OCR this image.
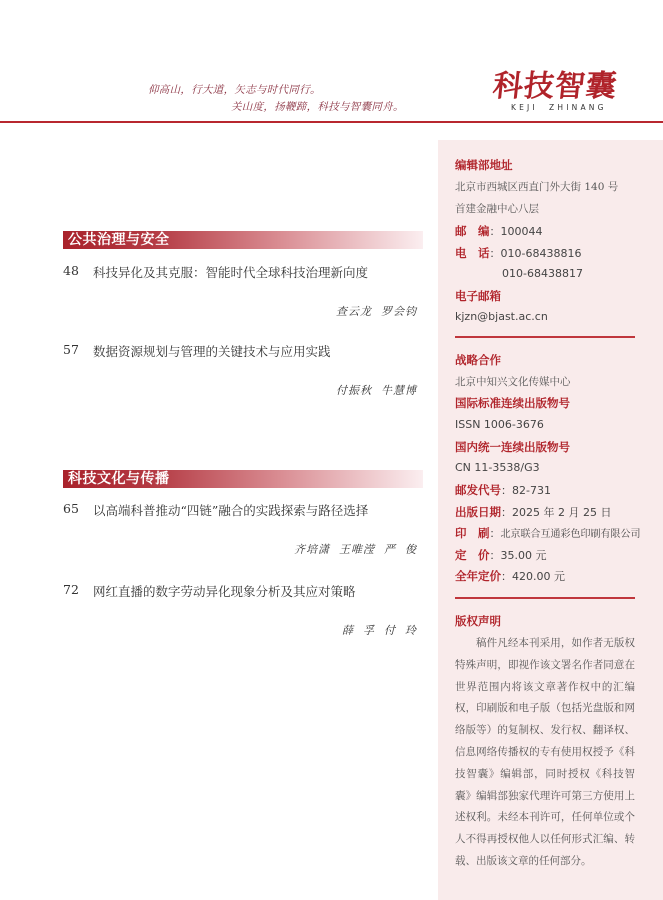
仰高山，行大道，矢志与时代同行。
关山度，扬鞭蹄，科技与智囊同舟。
科技智囊
KEJI  ZHINANG
公共治理与安全
48 科技异化及其克服：智能时代全球科技治理新向度
查云龙  罗会钧
57 数据资源规划与管理的关键技术与应用实践
付振秋  牛慧博
科技文化与传播
65 以高端科普推动“四链”融合的实践探索与路径选择
齐培潇  王唯滢  严  俊
72 网红直播的数字劳动异化现象分析及其应对策略
薛  孚  付  玲
编辑部地址
北京市西城区西直门外大街 140 号
首建金融中心八层
邮　编：100044
电　话：010-68438816
010-68438817
电子邮箱
kjzn@bjast.ac.cn
战略合作
北京中知兴文化传媒中心
国际标准连续出版物号
ISSN 1006-3676
国内统一连续出版物号
CN 11-3538/G3
邮发代号：82-731
出版日期：2025 年 2 月 25 日
印　刷：北京联合互通彩色印刷有限公司
定　价：35.00 元
全年定价：420.00 元
版权声明
稿件凡经本刊采用，如作者无版权特殊声明，即视作该文署名作者同意在世界范围内将该文章著作权中的汇编权，印刷版和电子版（包括光盘版和网络版等）的复制权、发行权、翻译权、信息网络传播权的专有使用权授予《科技智囊》编辑部，同时授权《科技智囊》编辑部独家代理许可第三方使用上述权利。未经本刊许可，任何单位或个人不得再授权他人以任何形式汇编、转载、出版该文章的任何部分。
